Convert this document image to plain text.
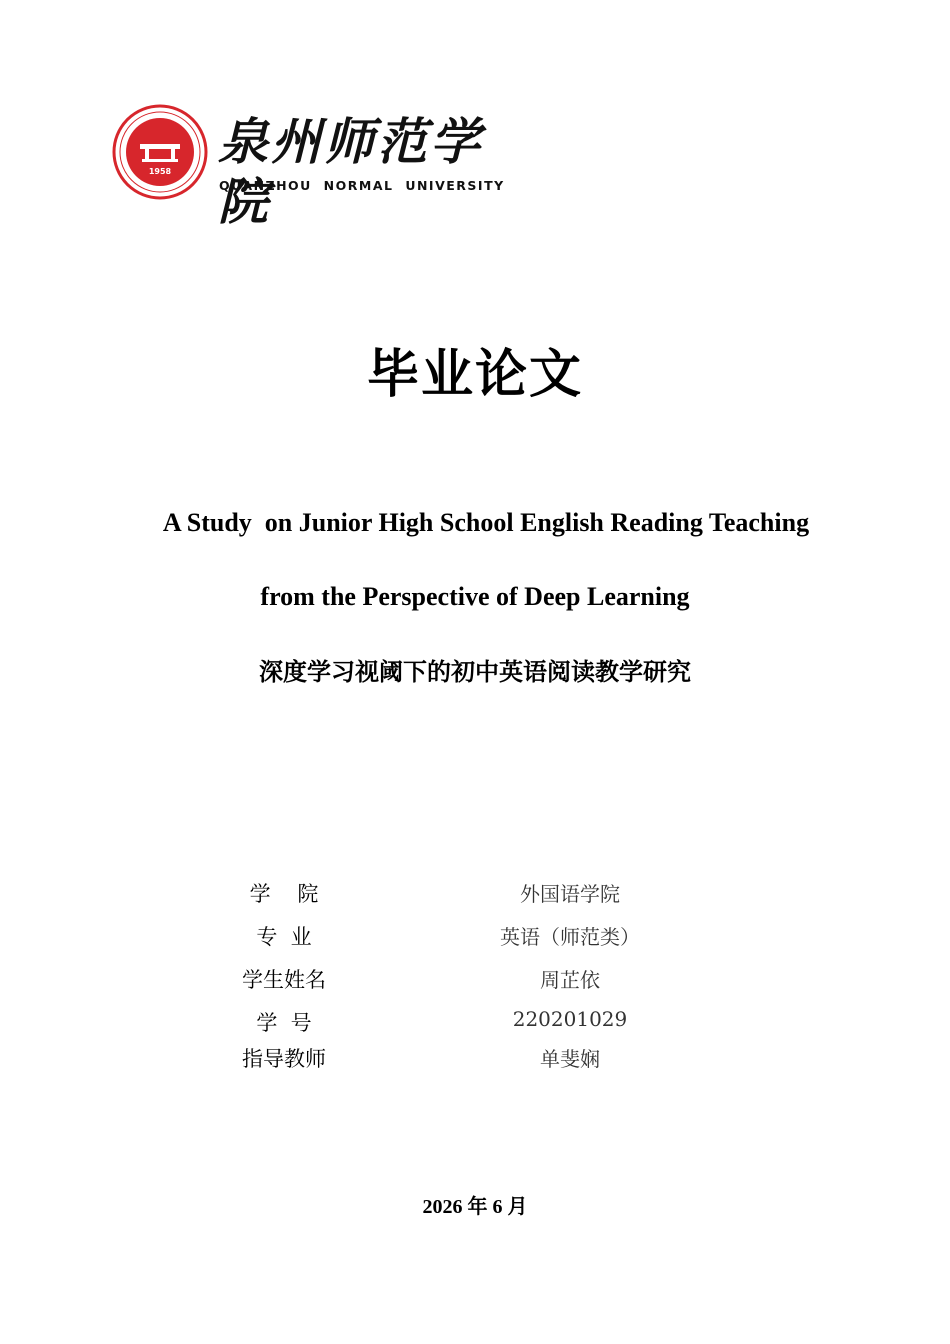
1958
泉州师范学院
QUANZHOU NORMAL UNIVERSITY
毕业论文
A Study  on Junior High School English Reading Teaching
from the Perspective of Deep Learning
深度学习视阈下的初中英语阅读教学研究
学    院	外国语学院
专  业	英语（师范类）
学生姓名	周芷依
学  号	220201029
指导教师	单斐娴
2026 年 6 月
